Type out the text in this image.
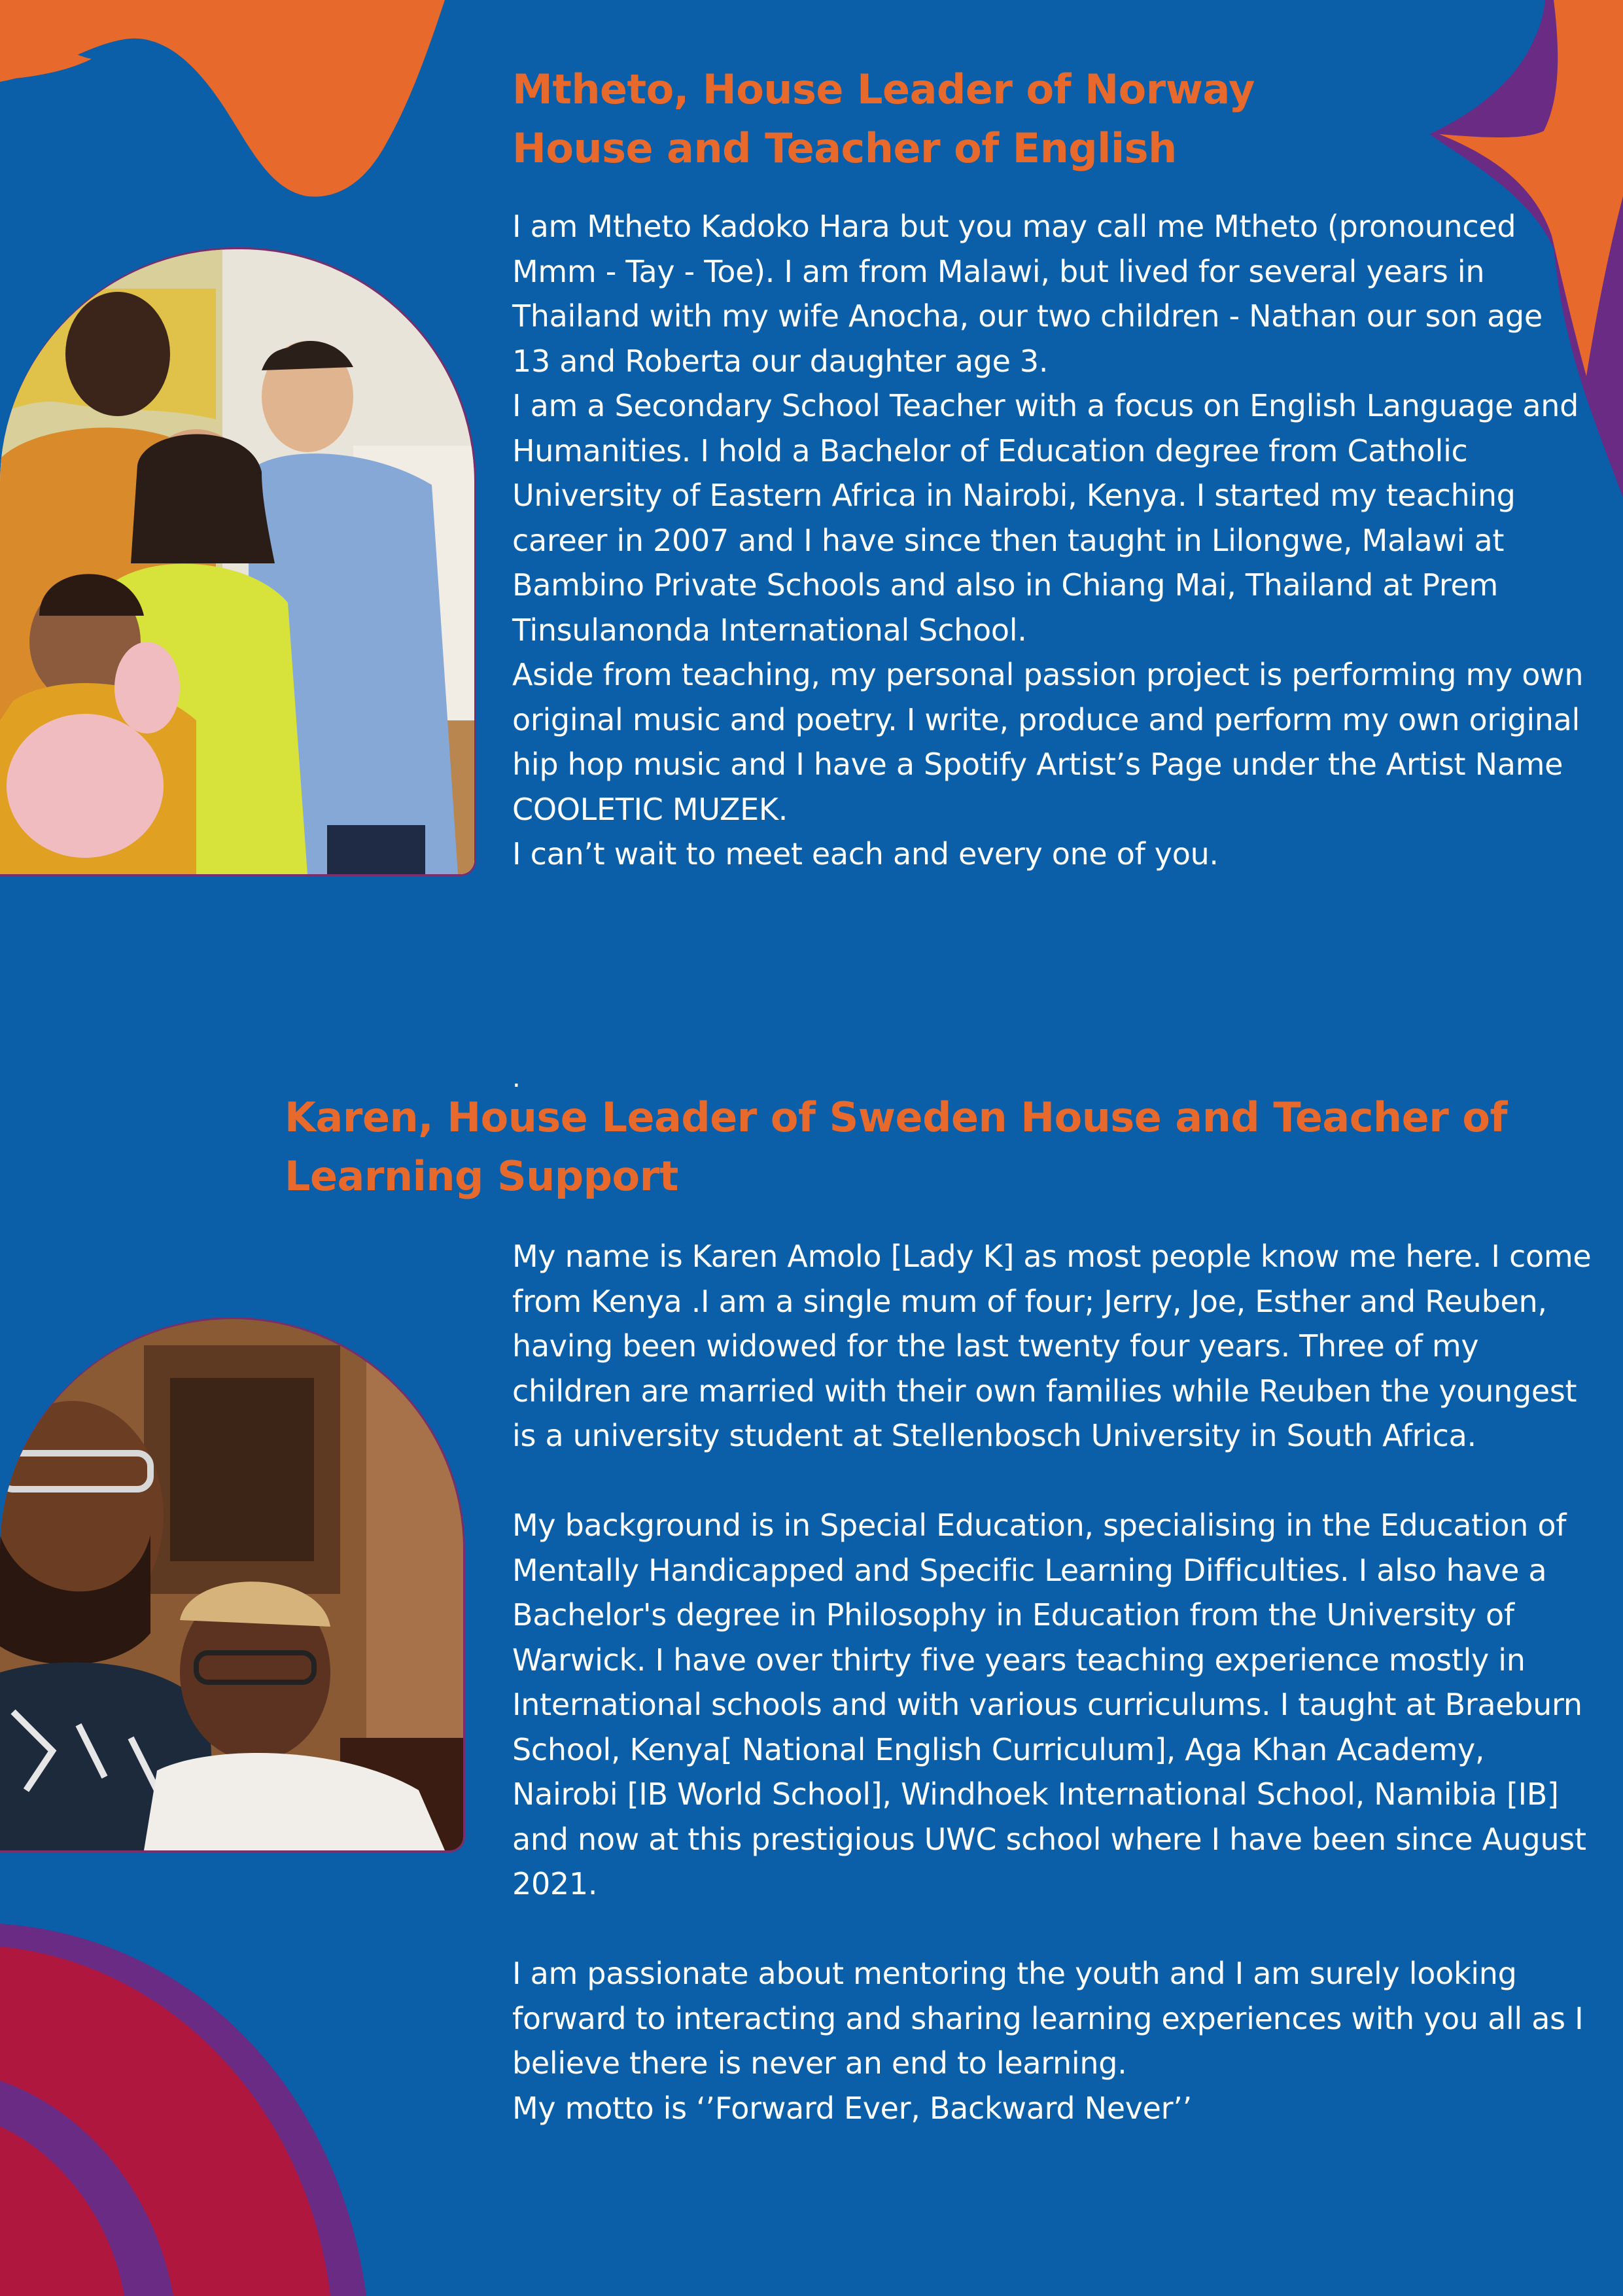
Mtheto, House Leader of Norway
House and Teacher of English

I am Mtheto Kadoko Hara but you may call me Mtheto (pronounced Mmm - Tay - Toe). I am from Malawi, but lived for several years in Thailand with my wife Anocha, our two children - Nathan our son age 13 and Roberta our daughter age 3.

I am a Secondary School Teacher with a focus on English Language and Humanities. I hold a Bachelor of Education degree from Catholic University of Eastern Africa in Nairobi, Kenya. I started my teaching career in 2007 and I have since then taught in Lilongwe, Malawi at Bambino Private Schools and also in Chiang Mai, Thailand at Prem Tinsulanonda International School.

Aside from teaching, my personal passion project is performing my own original music and poetry. I write, produce and perform my own original hip hop music and I have a Spotify Artist’s Page under the Artist Name COOLETIC MUZEK.

I can’t wait to meet each and every one of you.

.
Karen, House Leader of Sweden House and Teacher of
Learning Support

My name is Karen Amolo [Lady K] as most people know me here. I come from Kenya .I am a single mum of four; Jerry, Joe, Esther and Reuben, having been widowed for the last twenty four years. Three of my children are married with their own families while Reuben the youngest is a university student at Stellenbosch University in South Africa.

My background is in Special Education, specialising in the Education of Mentally Handicapped and Specific Learning Difficulties. I also have a Bachelor's degree in Philosophy in Education from the University of Warwick. I have over thirty five years teaching experience mostly in International schools and with various curriculums. I taught at Braeburn School, Kenya[ National English Curriculum], Aga Khan Academy, Nairobi [IB World School], Windhoek International School, Namibia [IB] and now at this prestigious UWC school where I have been since August 2021.

I am passionate about mentoring the youth and I am surely looking forward to interacting and sharing learning experiences with you all as I believe there is never an end to learning.

My motto is ‘’Forward Ever, Backward Never’’
